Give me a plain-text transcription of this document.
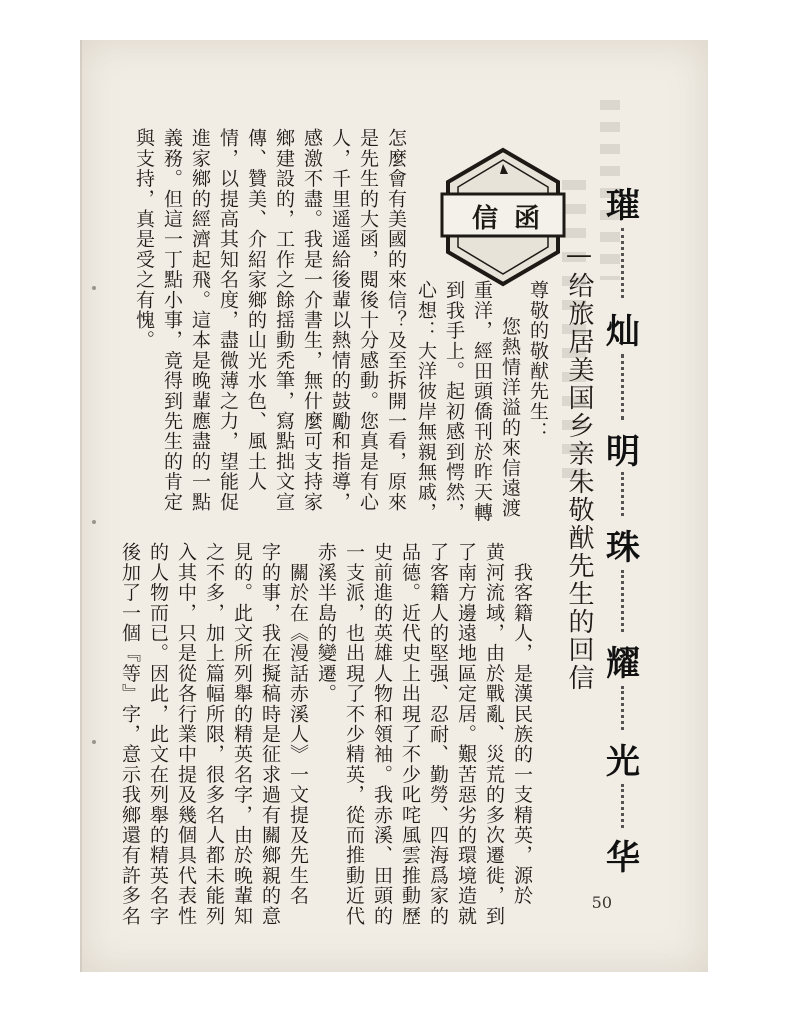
信函 璀
灿
明
珠
耀
光
华
—给旅居美国乡亲朱敬猷先生的回信
尊敬的敬猷先生：
　您熱情洋溢的來信遠渡
重洋，經田頭僑刊於昨天轉
到我手上。起初感到愕然，
心想：大洋彼岸無親無戚，
怎麼會有美國的來信？及至拆開一看，原來
是先生的大函，閱後十分感動。您真是有心
人，千里遥遥給後輩以熱情的鼓勵和指導，
感激不盡。我是一介書生，無什麼可支持家
鄉建設的，工作之餘揺動禿筆，寫點拙文宣
傳、贊美、介紹家鄉的山光水色、風土人
情，以提高其知名度，盡微薄之力，望能促
進家鄉的經濟起飛。這本是晚輩應盡的一點
義務。但這一丁點小事，竟得到先生的肯定
與支持，真是受之有愧。
　我客籍人，是漢民族的一支精英，源於
黄河流域，由於戰亂、災荒的多次遷徙，到
了南方邊遠地區定居。艱苦惡劣的環境造就
了客籍人的堅强、忍耐、勤勞、四海爲家的
品德。近代史上出現了不少叱咤風雲推動歷
史前進的英雄人物和領袖。我赤溪、田頭的
一支派，也出現了不少精英，從而推動近代
赤溪半島的變遷。
　關於在《漫話赤溪人》一文提及先生名
字的事，我在擬稿時是征求過有關鄉親的意
見的。此文所列舉的精英名字，由於晚輩知
之不多，加上篇幅所限，很多名人都未能列
入其中，只是從各行業中提及幾個具代表性
的人物而已。因此，此文在列舉的精英名字
後加了一個『等』字，意示我鄉還有許多名	50
